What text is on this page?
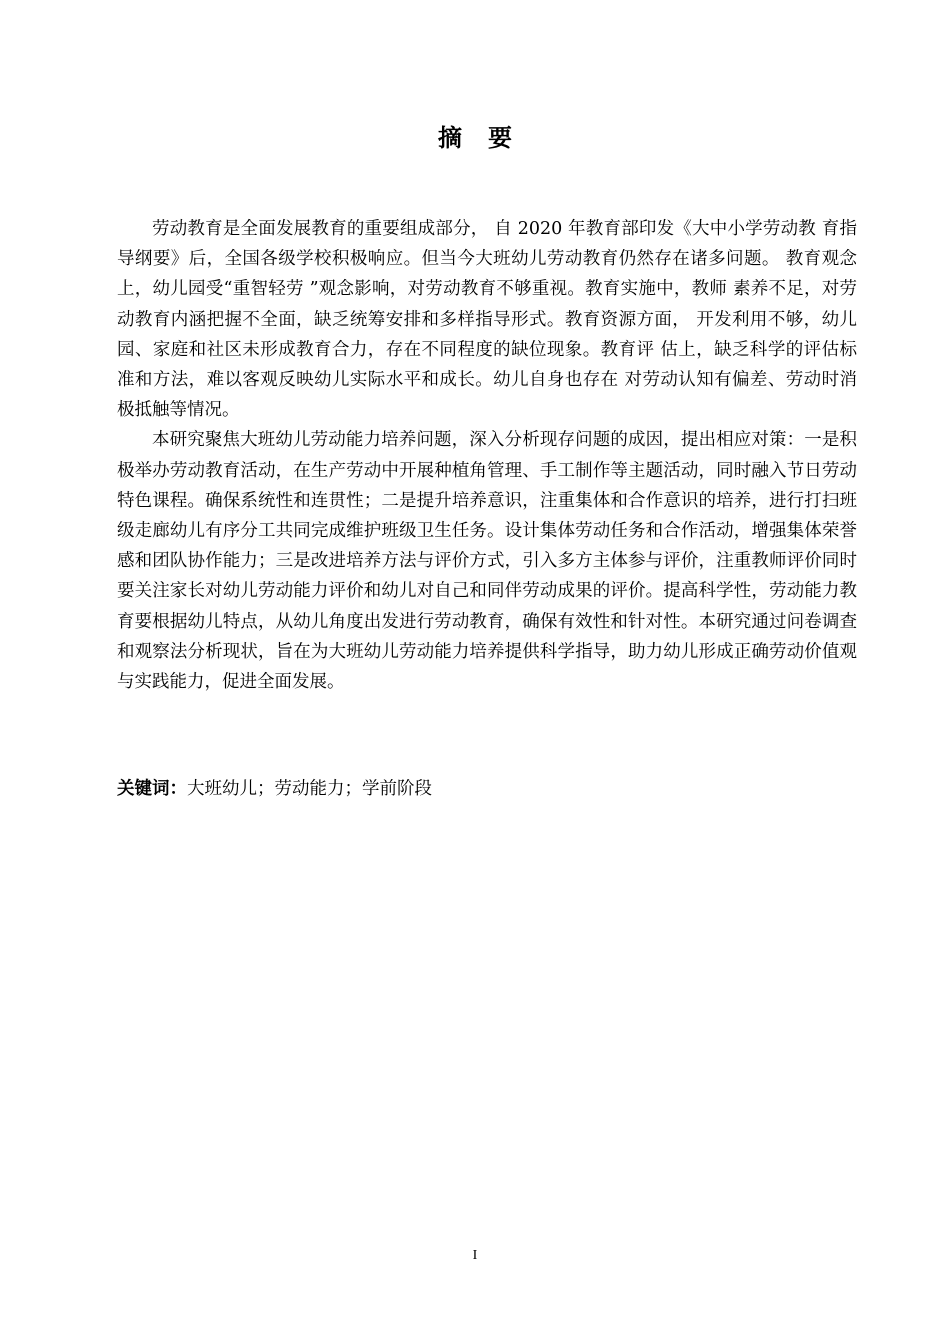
摘要

劳动教育是全面发展教育的重要组成部分， 自 2020 年教育部印发《大中小学劳动教 育指导纲要》后，全国各级学校积极响应。但当今大班幼儿劳动教育仍然存在诸多问题。 教育观念上，幼儿园受“重智轻劳 ”观念影响，对劳动教育不够重视。教育实施中，教师 素养不足，对劳动教育内涵把握不全面，缺乏统筹安排和多样指导形式。教育资源方面， 开发利用不够，幼儿园、家庭和社区未形成教育合力，存在不同程度的缺位现象。教育评 估上，缺乏科学的评估标准和方法，难以客观反映幼儿实际水平和成长。幼儿自身也存在 对劳动认知有偏差、劳动时消极抵触等情况。

本研究聚焦大班幼儿劳动能力培养问题，深入分析现存问题的成因，提出相应对策：一是积极举办劳动教育活动，在生产劳动中开展种植角管理、手工制作等主题活动，同时融入节日劳动特色课程。确保系统性和连贯性；二是提升培养意识，注重集体和合作意识的培养，进行打扫班级走廊幼儿有序分工共同完成维护班级卫生任务。设计集体劳动任务和合作活动，增强集体荣誉感和团队协作能力；三是改进培养方法与评价方式，引入多方主体参与评价，注重教师评价同时要关注家长对幼儿劳动能力评价和幼儿对自己和同伴劳动成果的评价。提高科学性，劳动能力教育要根据幼儿特点，从幼儿角度出发进行劳动教育，确保有效性和针对性。本研究通过问卷调查和观察法分析现状，旨在为大班幼儿劳动能力培养提供科学指导，助力幼儿形成正确劳动价值观与实践能力，促进全面发展。

关键词：大班幼儿；劳动能力；学前阶段
I
